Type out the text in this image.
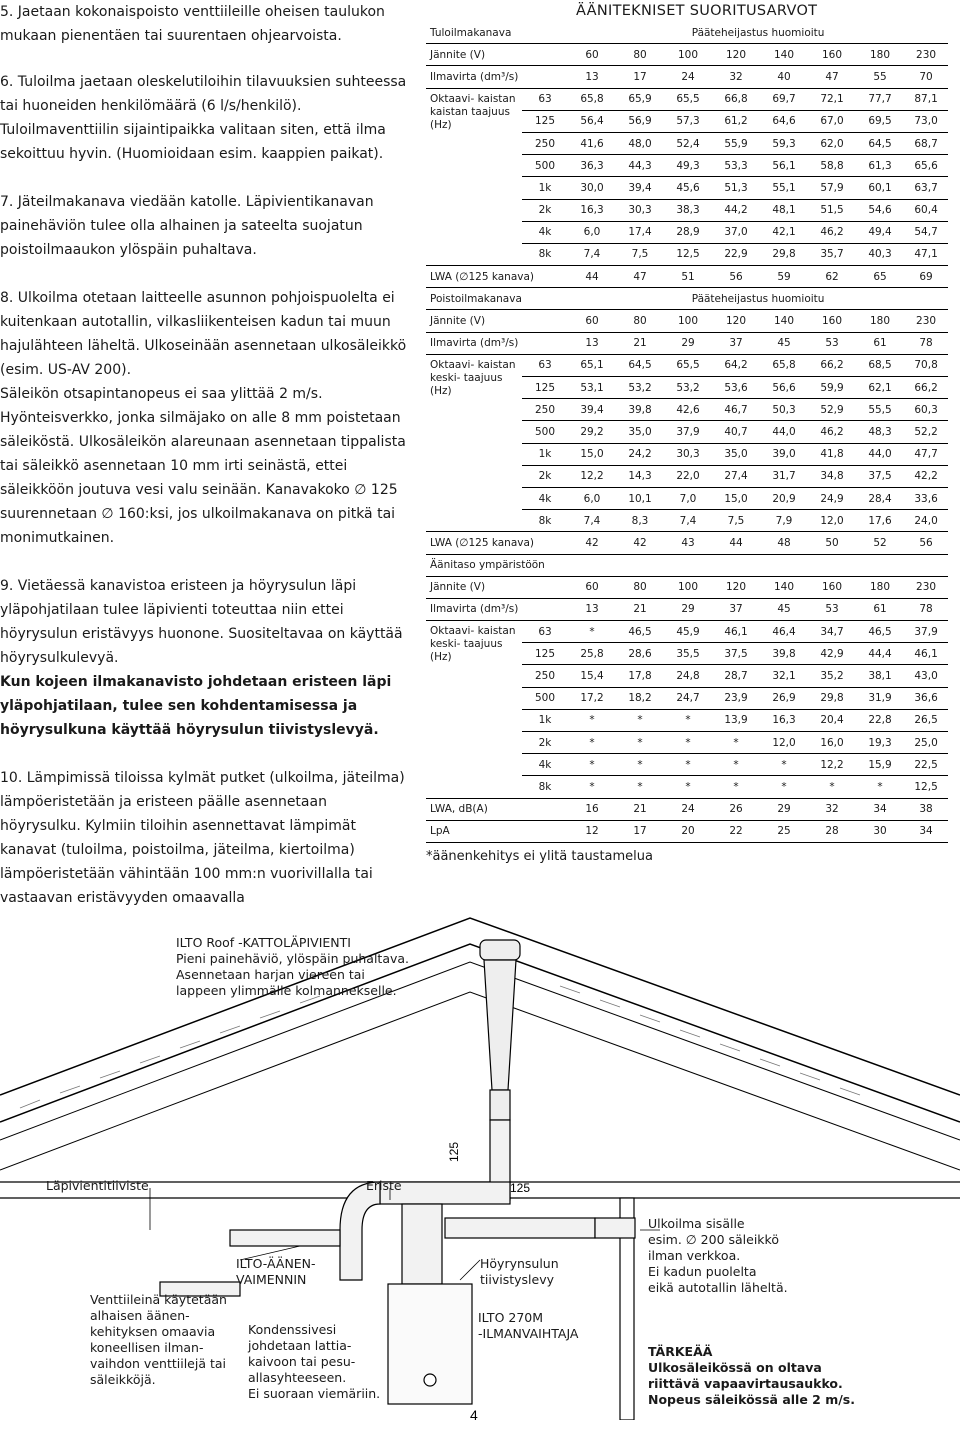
5. Jaetaan kokonaispoisto venttiileille oheisen taulukon mukaan pienentäen tai suurentaen ohjearvoista.

6. Tuloilma jaetaan oleskelutiloihin tilavuuksien suhteessa tai huoneiden henkilömäärä (6 l/s/henkilö). Tuloilmaventtiilin sijaintipaikka valitaan siten, että ilma sekoittuu hyvin. (Huomioidaan esim. kaappien paikat).

7. Jäteilmakanava viedään katolle. Läpivientikanavan painehäviön tulee olla alhainen ja sateelta suojatun poistoilmaaukon ylöspäin puhaltava.

8. Ulkoilma otetaan laitteelle asunnon pohjoispuolelta ei kuitenkaan autotallin, vilkasliikenteisen kadun tai muun hajulähteen läheltä. Ulkoseinään asennetaan ulkosäleikkö (esim. US-AV 200).

Säleikön otsapintanopeus ei saa ylittää 2 m/s. Hyönteisverkko, jonka silmäjako on alle 8 mm poistetaan säleiköstä. Ulkosäleikön alareunaan asennetaan tippalista tai säleikkö asennetaan 10 mm irti seinästä, ettei säleikköön joutuva vesi valu seinään. Kanavakoko ∅ 125 suurennetaan ∅ 160:ksi, jos ulkoilmakanava on pitkä tai monimutkainen.

9. Vietäessä kanavistoa eristeen ja höyrysulun läpi yläpohjatilaan tulee läpivienti toteuttaa niin ettei höyrysulun eristävyys huonone. Suositeltavaa on käyttää höyrysulkulevyä.

Kun kojeen ilmakanavisto johdetaan eristeen läpi yläpohjatilaan, tulee sen kohdentamisessa ja höyrysulkuna käyttää höyrysulun tiivistyslevyä.

10. Lämpimissä tiloissa kylmät putket (ulkoilma, jäteilma) lämpöeristetään ja eristeen päälle asennetaan höyrysulku. Kylmiin tiloihin asennettavat lämpimät kanavat (tuloilma, poistoilma, jäteilma, kiertoilma) lämpöeristetään vähintään 100 mm:n vuorivillalla tai vastaavan eristävyyden omaavalla

ÄÄNITEKNISET SUORITUSARVOT
Tuloilmakanava		Pääteheijastus huomioitu							
Jännite (V)		60	80	100	120	140	160	180	230
Ilmavirta (dm³/s)		13	17	24	32	40	47	55	70
Oktaavi- kaistan kaistan taajuus (Hz)	63	65,8	65,9	65,5	66,8	69,7	72,1	77,7	87,1
	125	56,4	56,9	57,3	61,2	64,6	67,0	69,5	73,0
	250	41,6	48,0	52,4	55,9	59,3	62,0	64,5	68,7
	500	36,3	44,3	49,3	53,3	56,1	58,8	61,3	65,6
	1k	30,0	39,4	45,6	51,3	55,1	57,9	60,1	63,7
	2k	16,3	30,3	38,3	44,2	48,1	51,5	54,6	60,4
	4k	6,0	17,4	28,9	37,0	42,1	46,2	49,4	54,7
	8k	7,4	7,5	12,5	22,9	29,8	35,7	40,3	47,1
LWA (∅125 kanava)		44	47	51	56	59	62	65	69
Poistoilmakanava		Pääteheijastus huomioitu							
Jännite (V)		60	80	100	120	140	160	180	230
Ilmavirta (dm³/s)		13	21	29	37	45	53	61	78
Oktaavi- kaistan keski- taajuus (Hz)	63	65,1	64,5	65,5	64,2	65,8	66,2	68,5	70,8
	125	53,1	53,2	53,2	53,6	56,6	59,9	62,1	66,2
	250	39,4	39,8	42,6	46,7	50,3	52,9	55,5	60,3
	500	29,2	35,0	37,9	40,7	44,0	46,2	48,3	52,2
	1k	15,0	24,2	30,3	35,0	39,0	41,8	44,0	47,7
	2k	12,2	14,3	22,0	27,4	31,7	34,8	37,5	42,2
	4k	6,0	10,1	7,0	15,0	20,9	24,9	28,4	33,6
	8k	7,4	8,3	7,4	7,5	7,9	12,0	17,6	24,0
LWA (∅125 kanava)		42	42	43	44	48	50	52	56
Äänitaso ympäristöön									
Jännite (V)		60	80	100	120	140	160	180	230
Ilmavirta (dm³/s)		13	21	29	37	45	53	61	78
Oktaavi- kaistan keski- taajuus (Hz)	63	*	46,5	45,9	46,1	46,4	34,7	46,5	37,9
	125	25,8	28,6	35,5	37,5	39,8	42,9	44,4	46,1
	250	15,4	17,8	24,8	28,7	32,1	35,2	38,1	43,0
	500	17,2	18,2	24,7	23,9	26,9	29,8	31,9	36,6
	1k	*	*	*	13,9	16,3	20,4	22,8	26,5
	2k	*	*	*	*	12,0	16,0	19,3	25,0
	4k	*	*	*	*	*	12,2	15,9	22,5
	8k	*	*	*	*	*	*	*	12,5
LWA, dB(A)		16	21	24	26	29	32	34	38
LpA		12	17	20	22	25	28	30	34
*äänenkehitys ei ylitä taustamelua
125
125
4
ILTO Roof -KATTOLÄPIVIENTI
Pieni painehäviö, ylöspäin puhaltava.
Asennetaan harjan viereen tai
lappeen ylimmälle kolmannekselle.
Läpivientitiiviste	Eriste
Venttiileinä käytetään
alhaisen äänen-
kehityksen omaavia
koneellisen ilman-
vaihdon venttiilejä tai
säleikköjä.
ILTO-ÄÄNEN-
VAIMENNIN
Kondenssivesi
johdetaan lattia-
kaivoon tai pesu-
allasyhteeseen.
Ei suoraan viemäriin.
Höyrynsulun
tiivistyslevy
ILTO 270M
-ILMANVAIHTAJA
Ulkoilma sisälle
esim. ∅ 200 säleikkö
ilman verkkoa.
Ei kadun puolelta
eikä autotallin läheltä.
TÄRKEÄÄ
Ulkosäleikössä on oltava
riittävä vapaavirtausaukko.
Nopeus säleikössä alle 2 m/s.
